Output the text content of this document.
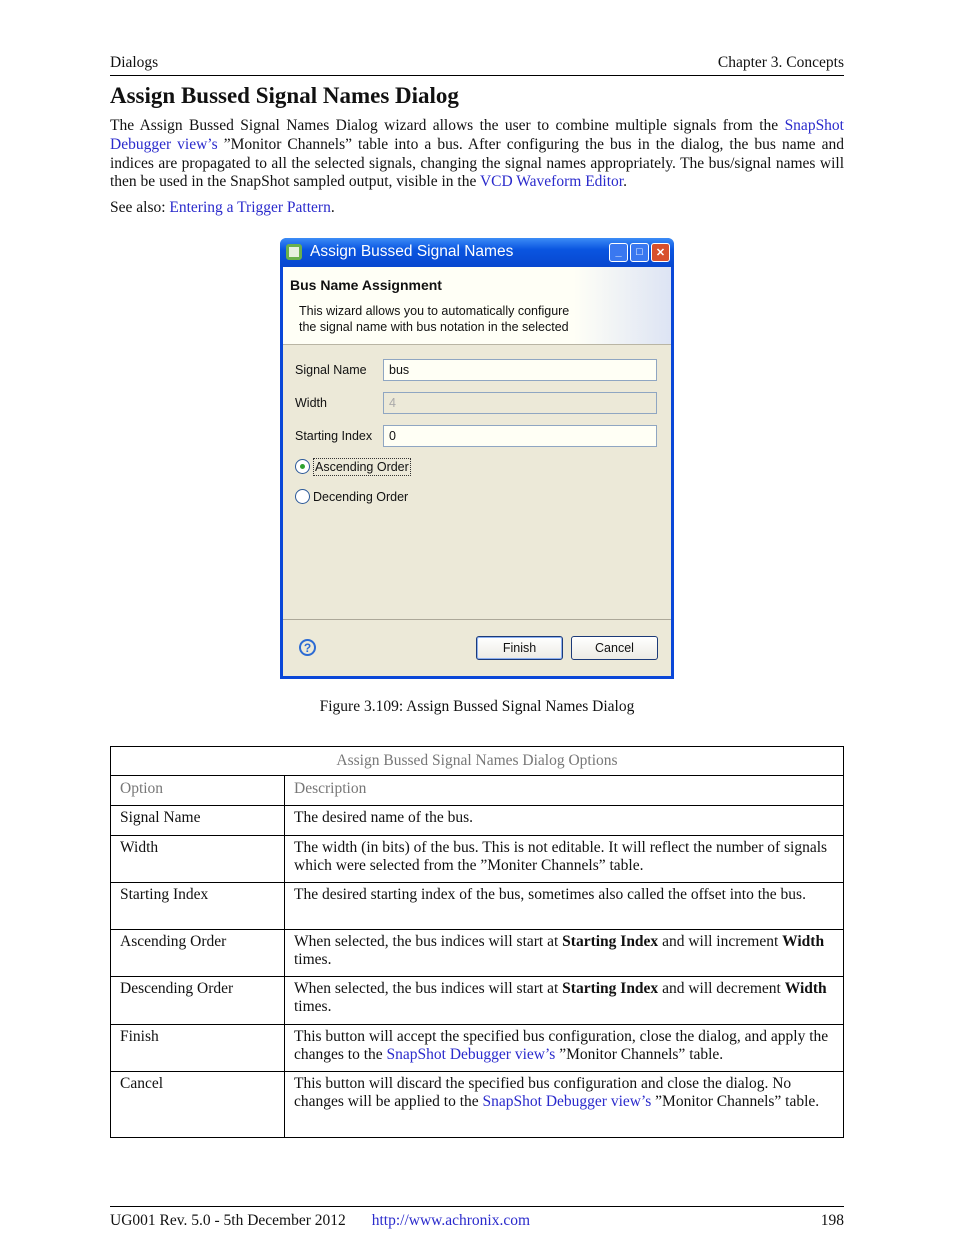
Dialogs	Chapter 3. Concepts
Assign Bussed Signal Names Dialog
The Assign Bussed Signal Names Dialog wizard allows the user to combine multiple signals from the SnapShot Debugger view’s ”Monitor Channels” table into a bus. After configuring the bus in the dialog, the bus name and indices are propagated to all the selected signals, changing the signal names appropriately. The bus/signal names will then be used in the SnapShot sampled output, visible in the VCD Waveform Editor.
See also: Entering a Trigger Pattern.
Assign Bussed Signal Names	_	□	✕
Bus Name Assignment
This wizard allows you to automatically configure
the signal name with bus notation in the selected
Signal Name	bus
Width	4
Starting Index	0
Ascending Order
Decending Order
?	Finish	Cancel
Figure 3.109: Assign Bussed Signal Names Dialog
Assign Bussed Signal Names Dialog Options	
Option	Description
Signal Name	The desired name of the bus.
Width	The width (in bits) of the bus. This is not editable. It will reflect the number of signals which were selected from the ”Moniter Channels” table.
Starting Index	The desired starting index of the bus, sometimes also called the offset into the bus.
Ascending Order	When selected, the bus indices will start at Starting Index and will increment Width times.
Descending Order	When selected, the bus indices will start at Starting Index and will decrement Width times.
Finish	This button will accept the specified bus configuration, close the dialog, and apply the changes to the SnapShot Debugger view’s ”Monitor Channels” table.
Cancel	This button will discard the specified bus configuration and close the dialog. No changes will be applied to the SnapShot Debugger view’s ”Monitor Channels” table.
UG001 Rev. 5.0 - 5th December 2012 http://www.achronix.com	198
